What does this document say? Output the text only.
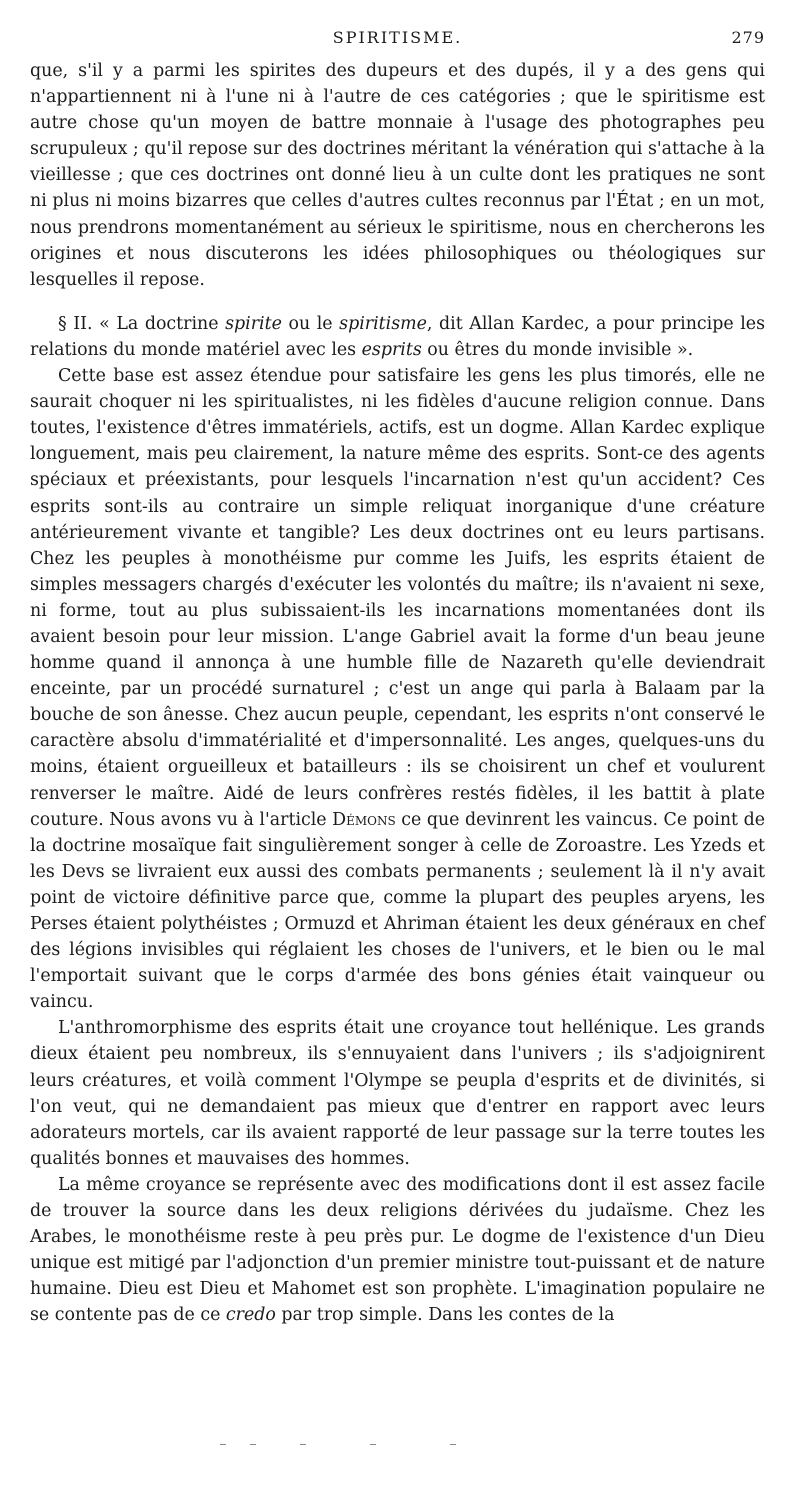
SPIRITISME.	279

que, s'il y a parmi les spirites des dupeurs et des dupés, il y a des gens qui n'appartiennent ni à l'une ni à l'autre de ces catégories ; que le spiritisme est autre chose qu'un moyen de battre monnaie à l'usage des photographes peu scrupuleux ; qu'il repose sur des doctrines méritant la vénération qui s'attache à la vieillesse ; que ces doctrines ont donné lieu à un culte dont les pratiques ne sont ni plus ni moins bizarres que celles d'autres cultes reconnus par l'État ; en un mot, nous prendrons momentanément au sérieux le spiritisme, nous en chercherons les origines et nous discuterons les idées philosophiques ou théologiques sur lesquelles il repose.

§ II. « La doctrine spirite ou le spiritisme, dit Allan Kardec, a pour principe les relations du monde matériel avec les esprits ou êtres du monde invisible ».

Cette base est assez étendue pour satisfaire les gens les plus timorés, elle ne saurait choquer ni les spiritualistes, ni les fidèles d'aucune religion connue. Dans toutes, l'existence d'êtres immatériels, actifs, est un dogme. Allan Kardec explique longuement, mais peu clairement, la nature même des esprits. Sont-ce des agents spéciaux et préexistants, pour lesquels l'incarnation n'est qu'un accident? Ces esprits sont-ils au contraire un simple reliquat inorganique d'une créature antérieurement vivante et tangible? Les deux doctrines ont eu leurs partisans. Chez les peuples à monothéisme pur comme les Juifs, les esprits étaient de simples messagers chargés d'exécuter les volontés du maître; ils n'avaient ni sexe, ni forme, tout au plus subissaient-ils les incarnations momentanées dont ils avaient besoin pour leur mission. L'ange Gabriel avait la forme d'un beau jeune homme quand il annonça à une humble fille de Nazareth qu'elle deviendrait enceinte, par un procédé surnaturel ; c'est un ange qui parla à Balaam par la bouche de son ânesse. Chez aucun peuple, cependant, les esprits n'ont conservé le caractère absolu d'immatérialité et d'impersonnalité. Les anges, quelques-uns du moins, étaient orgueilleux et batailleurs : ils se choisirent un chef et voulurent renverser le maître. Aidé de leurs confrères restés fidèles, il les battit à plate couture. Nous avons vu à l'article Démons ce que devinrent les vaincus. Ce point de la doctrine mosaïque fait singulièrement songer à celle de Zoroastre. Les Yzeds et les Devs se livraient eux aussi des combats permanents ; seulement là il n'y avait point de victoire définitive parce que, comme la plupart des peuples aryens, les Perses étaient polythéistes ; Ormuzd et Ahriman étaient les deux généraux en chef des légions invisibles qui réglaient les choses de l'univers, et le bien ou le mal l'emportait suivant que le corps d'armée des bons génies était vainqueur ou vaincu.

L'anthromorphisme des esprits était une croyance tout hellénique. Les grands dieux étaient peu nombreux, ils s'ennuyaient dans l'univers ; ils s'adjoignirent leurs créatures, et voilà comment l'Olympe se peupla d'esprits et de divinités, si l'on veut, qui ne demandaient pas mieux que d'entrer en rapport avec leurs adorateurs mortels, car ils avaient rapporté de leur passage sur la terre toutes les qualités bonnes et mauvaises des hommes.

La même croyance se représente avec des modifications dont il est assez facile de trouver la source dans les deux religions dérivées du judaïsme. Chez les Arabes, le monothéisme reste à peu près pur. Le dogme de l'existence d'un Dieu unique est mitigé par l'adjonction d'un premier ministre tout-puissant et de nature humaine. Dieu est Dieu et Mahomet est son prophète. L'imagination populaire ne se contente pas de ce credo par trop simple. Dans les contes de la
